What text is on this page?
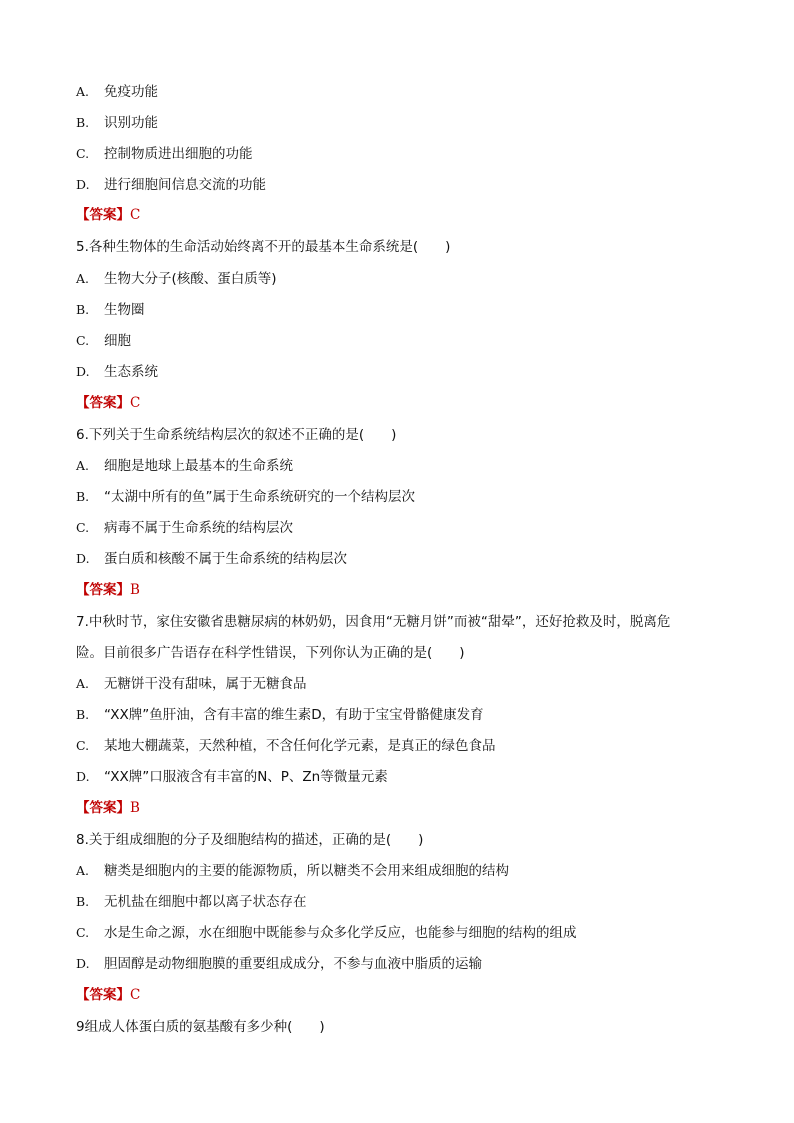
A. 免疫功能
B. 识别功能
C. 控制物质进出细胞的功能
D. 进行细胞间信息交流的功能
【答案】C
5.各种生物体的生命活动始终离不开的最基本生命系统是(　　)
A. 生物大分子(核酸、蛋白质等)
B. 生物圈
C. 细胞
D. 生态系统
【答案】C
6.下列关于生命系统结构层次的叙述不正确的是(　　)
A. 细胞是地球上最基本的生命系统
B. “太湖中所有的鱼”属于生命系统研究的一个结构层次
C. 病毒不属于生命系统的结构层次
D. 蛋白质和核酸不属于生命系统的结构层次
【答案】B
7.中秋时节，家住安徽省患糖尿病的林奶奶，因食用“无糖月饼”而被“甜晕”，还好抢救及时，脱离危
险。目前很多广告语存在科学性错误，下列你认为正确的是(　　)
A. 无糖饼干没有甜味，属于无糖食品
B. “XX牌”鱼肝油，含有丰富的维生素D，有助于宝宝骨骼健康发育
C. 某地大棚蔬菜，天然种植，不含任何化学元素，是真正的绿色食品
D. “XX牌”口服液含有丰富的N、P、Zn等微量元素
【答案】B
8.关于组成细胞的分子及细胞结构的描述，正确的是(　　)
A. 糖类是细胞内的主要的能源物质，所以糖类不会用来组成细胞的结构
B. 无机盐在细胞中都以离子状态存在
C. 水是生命之源，水在细胞中既能参与众多化学反应，也能参与细胞的结构的组成
D. 胆固醇是动物细胞膜的重要组成成分，不参与血液中脂质的运输
【答案】C
9组成人体蛋白质的氨基酸有多少种(　　)
